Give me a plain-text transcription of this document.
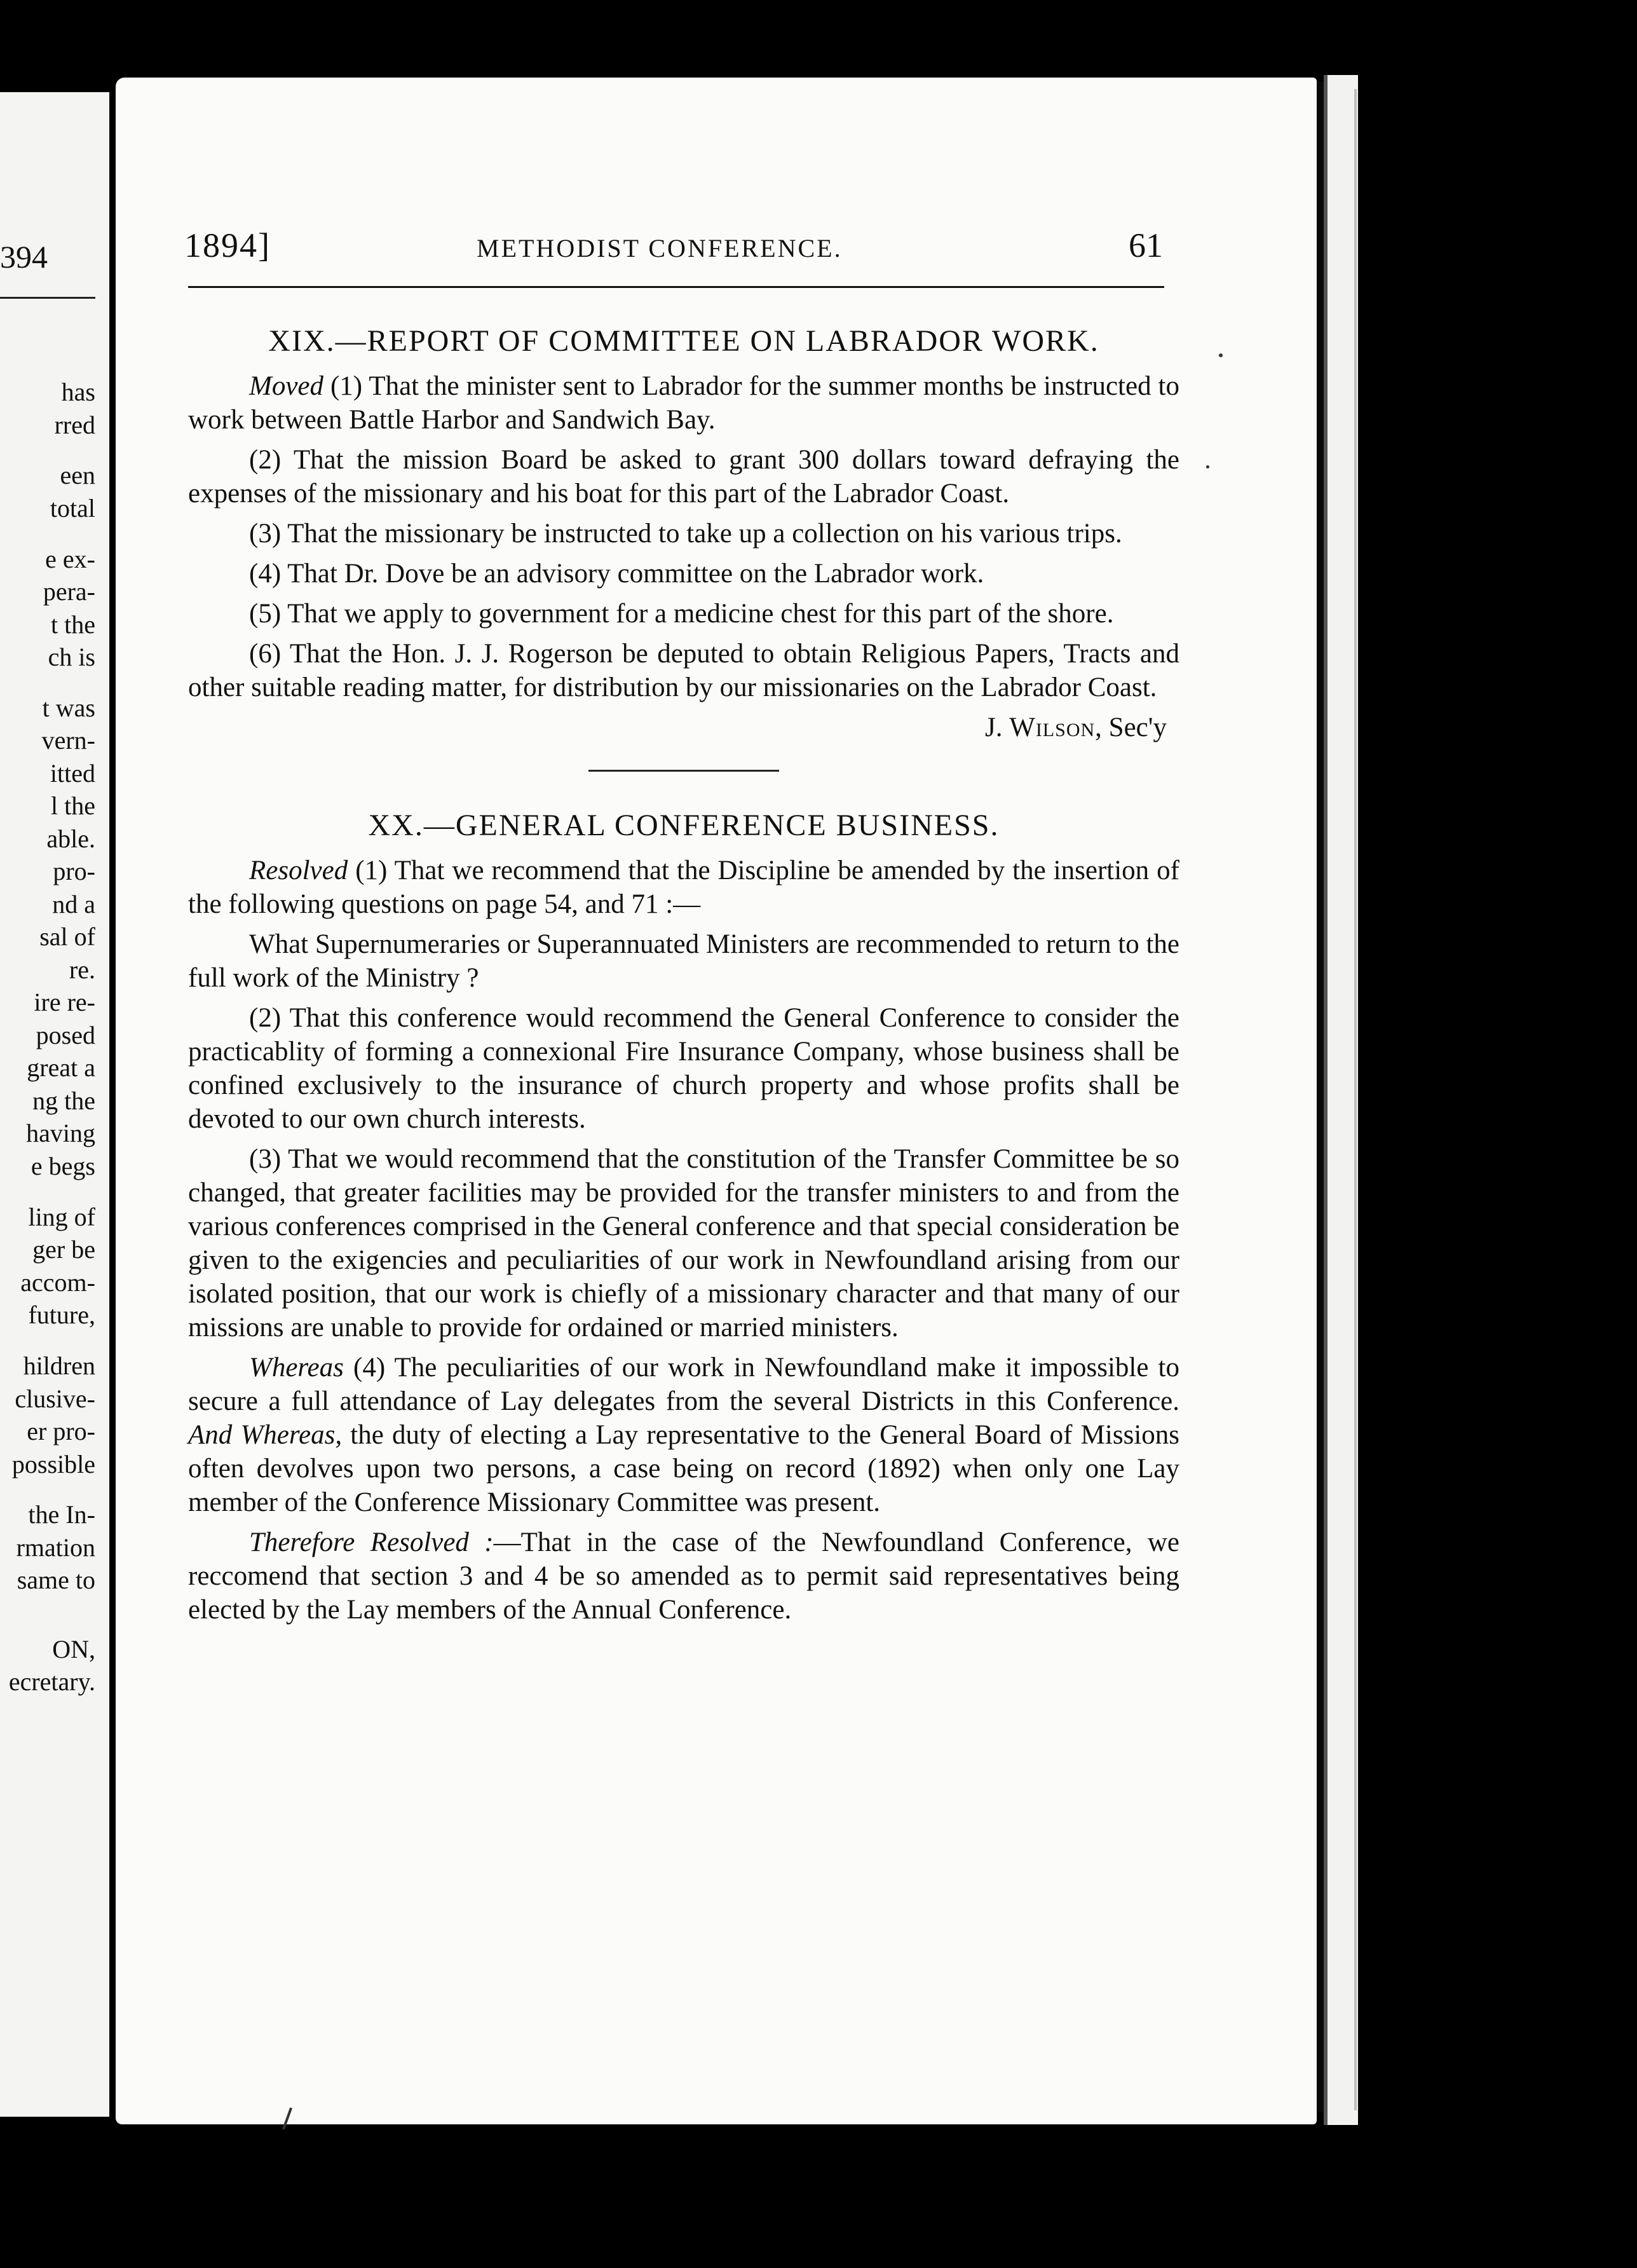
394
has
rred
een
total
e ex-
pera-
t the
ch is
t was
vern-
itted
l the
able.
pro-
nd a
sal of
re.
ire re-
posed
great a
ng the
having
e begs
ling of
ger be
accom-
future,
hildren
clusive-
er pro-
possible
the In-
rmation
same to
ON,
ecretary.
1894]	METHODIST CONFERENCE.	61
XIX.—REPORT OF COMMITTEE ON LABRADOR WORK.

Moved (1) That the minister sent to Labrador for the summer months be instructed to work between Battle Harbor and Sandwich Bay.

(2) That the mission Board be asked to grant 300 dollars toward defraying the expenses of the missionary and his boat for this part of the Labrador Coast.

(3) That the missionary be instructed to take up a collection on his various trips.

(4) That Dr. Dove be an advisory committee on the Labrador work.

(5) That we apply to government for a medicine chest for this part of the shore.

(6) That the Hon. J. J. Rogerson be deputed to obtain Religious Papers, Tracts and other suitable reading matter, for distribution by our missionaries on the Labrador Coast.

J. Wilson, Sec'y
XX.—GENERAL CONFERENCE BUSINESS.

Resolved (1) That we recommend that the Discipline be amended by the insertion of the following questions on page 54, and 71 :—

What Supernumeraries or Superannuated Ministers are recommended to return to the full work of the Ministry ?

(2) That this conference would recommend the General Conference to consider the practicablity of forming a connexional Fire Insurance Company, whose business shall be confined exclusively to the insurance of church property and whose profits shall be devoted to our own church interests.

(3) That we would recommend that the constitution of the Transfer Committee be so changed, that greater facilities may be provided for the transfer ministers to and from the various conferences comprised in the General conference and that special consideration be given to the exigencies and peculiarities of our work in Newfoundland arising from our isolated position, that our work is chiefly of a missionary character and that many of our missions are unable to provide for ordained or married ministers.

Whereas (4) The peculiarities of our work in Newfoundland make it impossible to secure a full attendance of Lay delegates from the several Districts in this Conference. And Whereas, the duty of electing a Lay representative to the General Board of Missions often devolves upon two persons, a case being on record (1892) when only one Lay member of the Conference Missionary Committee was present.

Therefore Resolved :—That in the case of the Newfoundland Conference, we reccomend that section 3 and 4 be so amended as to permit said representatives being elected by the Lay members of the Annual Conference.
